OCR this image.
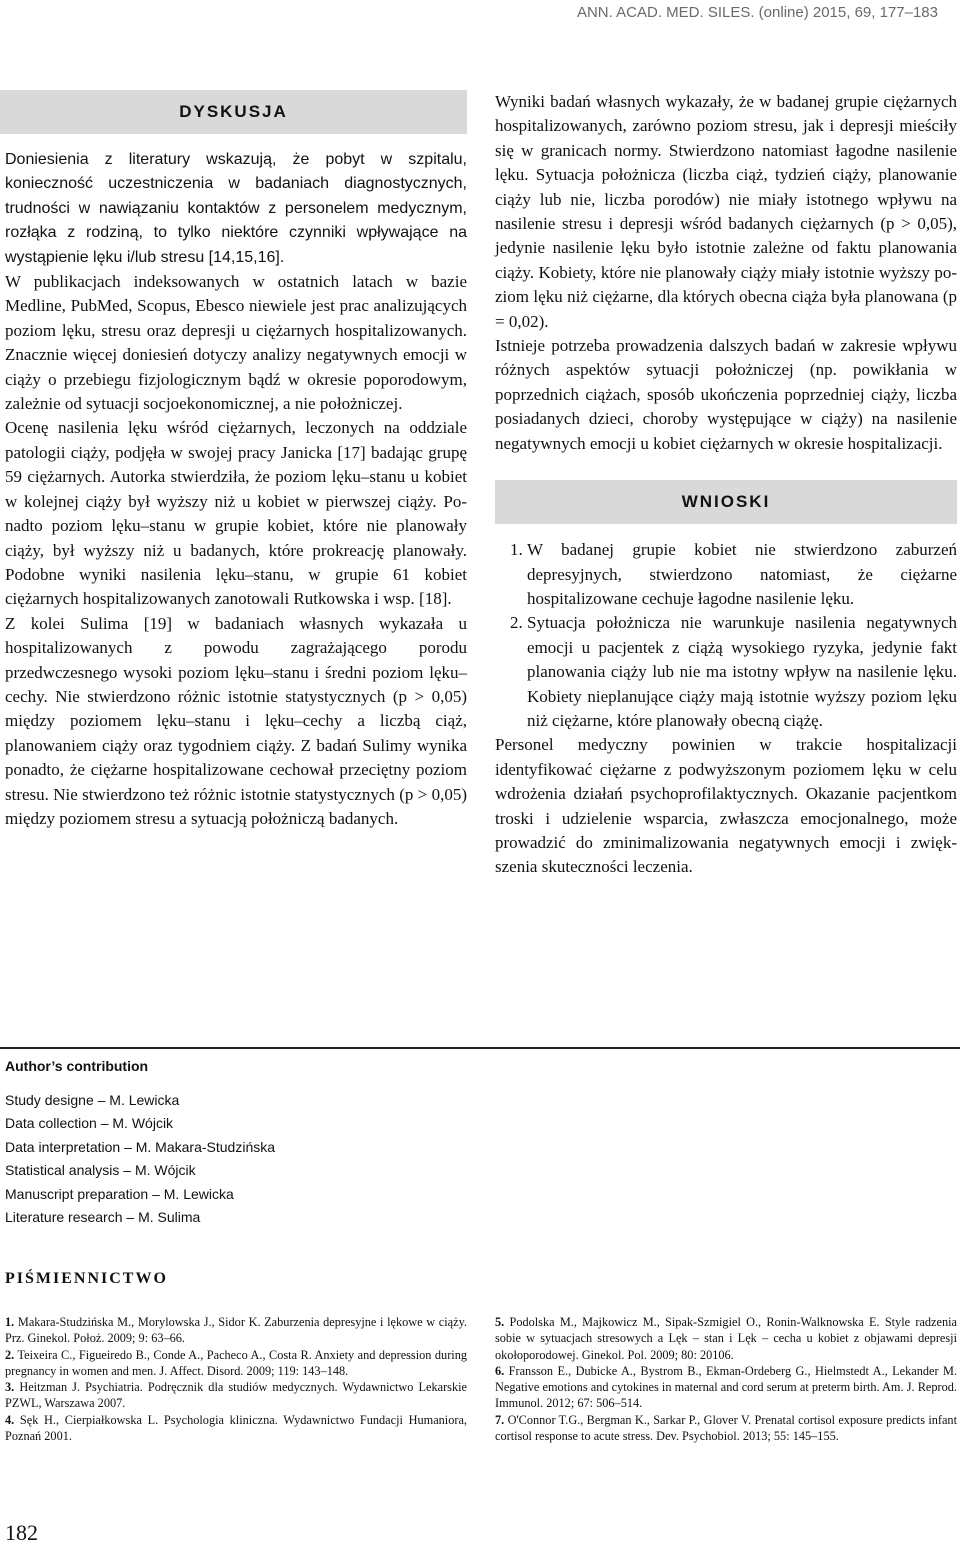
ANN. ACAD. MED. SILES. (online) 2015, 69, 177–183
DYSKUSJA

Doniesienia z literatury wskazują, że pobyt w szpitalu, konieczność uczestniczenia w badaniach diagnostycznych, trudności w nawiązaniu kontaktów z personelem medycznym, rozłąka z rodziną, to tylko niektóre czynniki wpływające na wystąpienie lęku i/lub stresu [14,15,16].

W publikacjach indeksowanych w ostatnich latach w bazie Medline, PubMed, Scopus, Ebesco niewiele jest prac analizujących poziom lęku, stresu oraz depresji u ciężarnych hospitalizowanych. Znacznie więcej doniesień dotyczy analizy negatywnych emocji w ciąży o przebiegu fizjologicznym bądź w okresie poporodowym, zależnie od sytuacji socjoekonomicznej, a nie położniczej.

Ocenę nasilenia lęku wśród ciężarnych, leczonych na oddziale patologii ciąży, podjęła w swojej pracy Janicka [17] badając grupę 59 ciężarnych. Autorka stwierdziła, że poziom lęku–stanu u kobiet w kolejnej ciąży był wyższy niż u kobiet w pierwszej ciąży. Ponadto poziom lęku–stanu w grupie kobiet, które nie planowały ciąży, był wyższy niż u badanych, które prokreację planowały. Podobne wyniki nasilenia lęku–stanu, w grupie 61 kobiet ciężarnych hospitalizowanych zanotowali Rutkowska i wsp. [18].

Z kolei Sulima [19] w badaniach własnych wykazała u hospitalizowanych z powodu zagrażającego porodu przedwczesnego wysoki poziom lęku–stanu i średni poziom lęku–cechy. Nie stwierdzono różnic istotnie statystycznych (p > 0,05) między poziomem lęku–stanu i lęku–cechy a liczbą ciąż, planowaniem ciąży oraz tygodniem ciąży. Z badań Sulimy wynika ponadto, że ciężarne hospitalizowane cechował przeciętny poziom stresu. Nie stwierdzono też różnic istotnie statystycznych (p > 0,05) między poziomem stresu a sytuacją położniczą badanych.

Wyniki badań własnych wykazały, że w badanej grupie ciężarnych hospitalizowanych, zarówno poziom stresu, jak i depresji mieściły się w granicach normy. Stwierdzono natomiast łagodne nasilenie lęku. Sytuacja położnicza (liczba ciąż, tydzień ciąży, planowanie ciąży lub nie, liczba porodów) nie miały istotnego wpływu na nasilenie stresu i depresji wśród badanych ciężarnych (p > 0,05), jedynie nasilenie lęku było istotnie zależne od faktu planowania ciąży. Kobiety, które nie planowały ciąży miały istotnie wyższy poziom lęku niż ciężarne, dla których obecna ciąża była planowana (p = 0,02).

Istnieje potrzeba prowadzenia dalszych badań w zakresie wpływu różnych aspektów sytuacji położniczej (np. powikłania w poprzednich ciążach, sposób ukończenia poprzedniej ciąży, liczba posiadanych dzieci, choroby występujące w ciąży) na nasilenie negatywnych emocji u kobiet ciężarnych w okresie hospitalizacji.

WNIOSKI
1. W badanej grupie kobiet nie stwierdzono zaburzeń depresyjnych, stwierdzono natomiast, że ciężarne hospitalizowane cechuje łagodne nasilenie lęku.
2. Sytuacja położnicza nie warunkuje nasilenia negatywnych emocji u pacjentek z ciążą wysokiego ryzyka, jedynie fakt planowania ciąży lub nie ma istotny wpływ na nasilenie lęku. Kobiety nieplanujące ciąży mają istotnie wyższy poziom lęku niż ciężarne, które planowały obecną ciążę.

Personel medyczny powinien w trakcie hospitalizacji identyfikować ciężarne z podwyższonym poziomem lęku w celu wdrożenia działań psychoprofilaktycznych. Okazanie pacjentkom troski i udzielenie wsparcia, zwłaszcza emocjonalnego, może prowadzić do zminimalizowania negatywnych emocji i zwiększenia skuteczności leczenia.

Author’s contribution
Study designe – M. Lewicka
Data collection – M. Wójcik
Data interpretation – M. Makara-Studzińska
Statistical analysis – M. Wójcik
Manuscript preparation – M. Lewicka
Literature research – M. Sulima
PIŚMIENNICTWO

1. Makara-Studzińska M., Morylowska J., Sidor K. Zaburzenia depresyjne i lękowe w ciąży. Prz. Ginekol. Położ. 2009; 9: 63–66.

2. Teixeira C., Figueiredo B., Conde A., Pacheco A., Costa R. Anxiety and depression during pregnancy in women and men. J. Affect. Disord. 2009; 119: 143–148.

3. Heitzman J. Psychiatria. Podręcznik dla studiów medycznych. Wydawnictwo Lekarskie PZWL, Warszawa 2007.

4. Sęk H., Cierpiałkowska L. Psychologia kliniczna. Wydawnictwo Fundacji Humaniora, Poznań 2001.

5. Podolska M., Majkowicz M., Sipak-Szmigiel O., Ronin-Walknowska E. Style radzenia sobie w sytuacjach stresowych a Lęk – stan i Lęk – cecha u kobiet z objawami depresji okołoporodowej. Ginekol. Pol. 2009; 80: 20106.

6. Fransson E., Dubicke A., Bystrom B., Ekman-Ordeberg G., Hielmstedt A., Lekander M. Negative emotions and cytokines in maternal and cord serum at preterm birth. Am. J. Reprod. Immunol. 2012; 67: 506–514.

7. O'Connor T.G., Bergman K., Sarkar P., Glover V. Prenatal cortisol exposure predicts infant cortisol response to acute stress. Dev. Psychobiol. 2013; 55: 145–155.

182
